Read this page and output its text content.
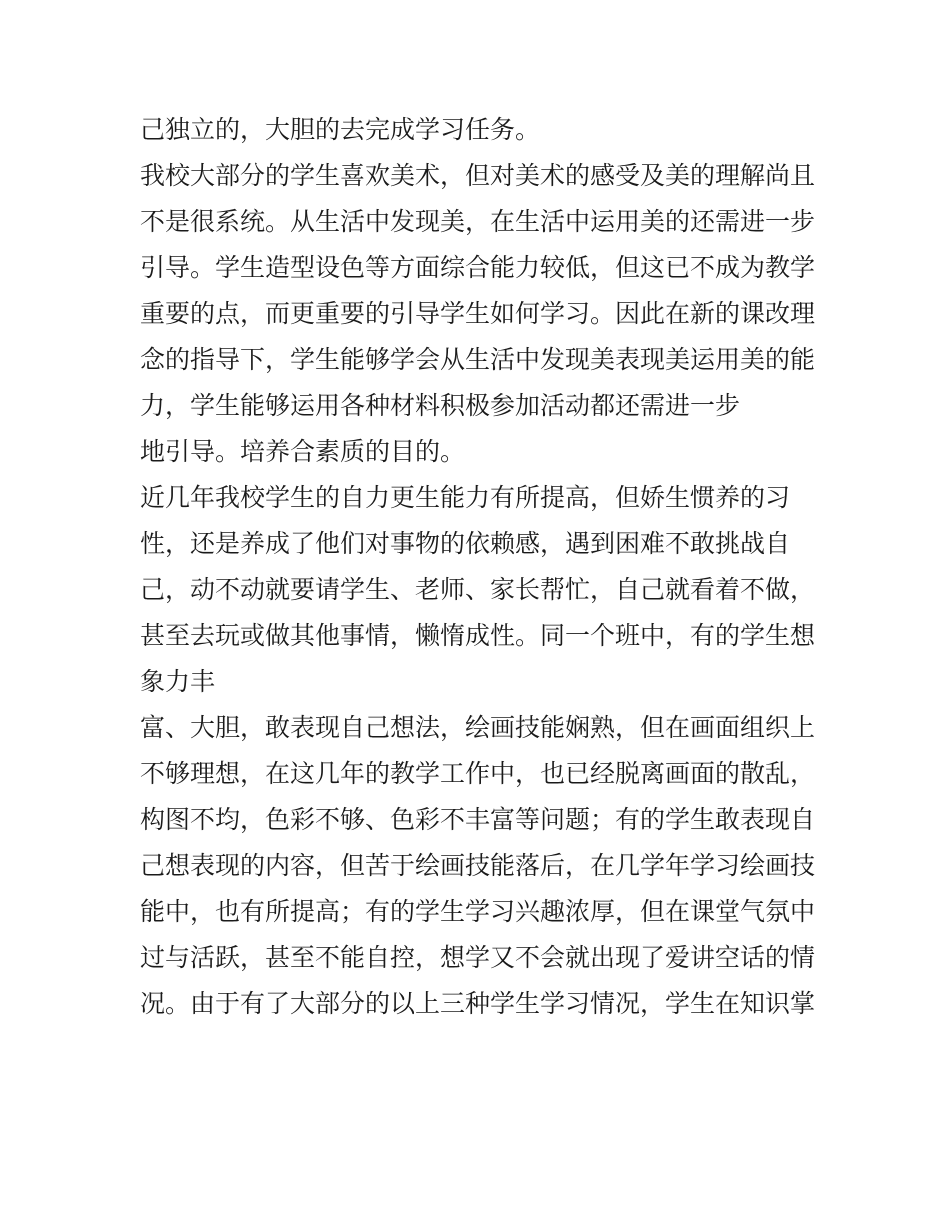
己独立的，大胆的去完成学习任务。
我校大部分的学生喜欢美术，但对美术的感受及美的理解尚且
不是很系统。从生活中发现美，在生活中运用美的还需进一步
引导。学生造型设色等方面综合能力较低，但这已不成为教学
重要的点，而更重要的引导学生如何学习。因此在新的课改理
念的指导下，学生能够学会从生活中发现美表现美运用美的能
力，学生能够运用各种材料积极参加活动都还需进一步
地引导。培养合素质的目的。
近几年我校学生的自力更生能力有所提高，但娇生惯养的习
性，还是养成了他们对事物的依赖感，遇到困难不敢挑战自
己，动不动就要请学生、老师、家长帮忙，自己就看着不做，
甚至去玩或做其他事情，懒惰成性。同一个班中，有的学生想
象力丰
富、大胆，敢表现自己想法，绘画技能娴熟，但在画面组织上
不够理想，在这几年的教学工作中，也已经脱离画面的散乱，
构图不均，色彩不够、色彩不丰富等问题；有的学生敢表现自
己想表现的内容，但苦于绘画技能落后，在几学年学习绘画技
能中，也有所提高；有的学生学习兴趣浓厚，但在课堂气氛中
过与活跃，甚至不能自控，想学又不会就出现了爱讲空话的情
况。由于有了大部分的以上三种学生学习情况，学生在知识掌
